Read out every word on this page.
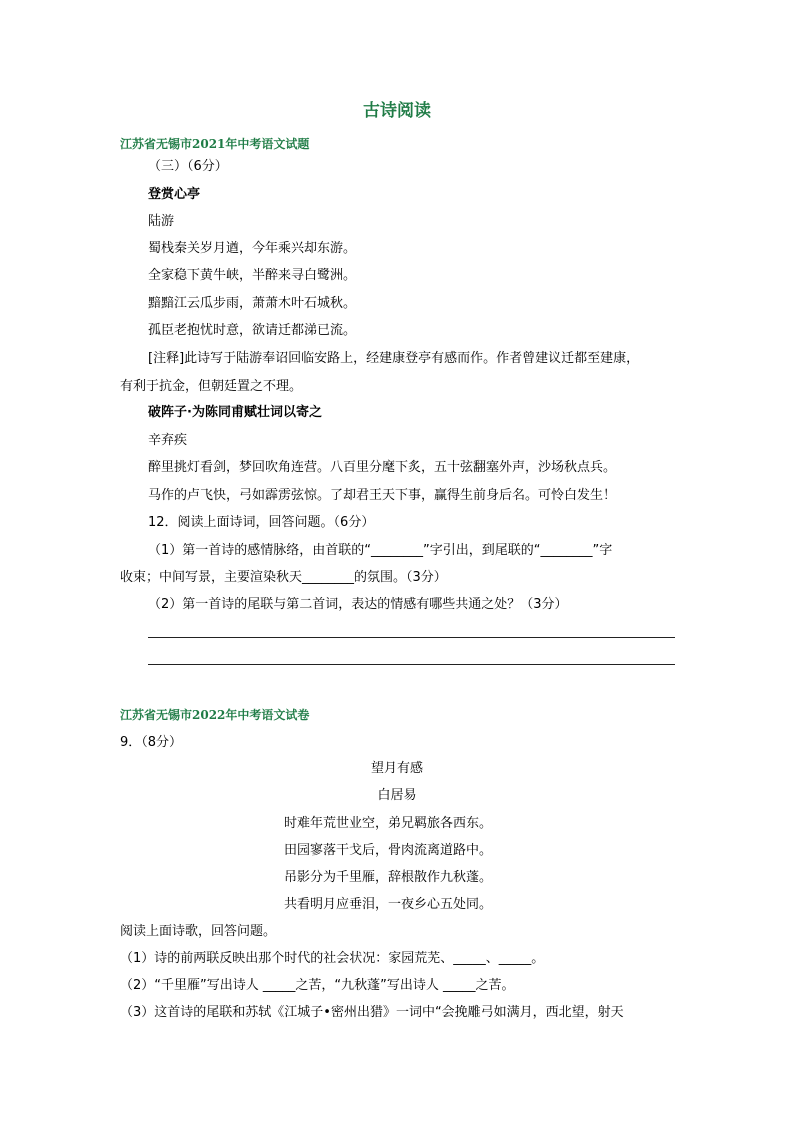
古诗阅读
江苏省无锡市2021年中考语文试题
（三）（6分）
登赏心亭
陆游
蜀栈秦关岁月遒，今年乘兴却东游。
全家稳下黄牛峡，半醉来寻白鹭洲。
黯黯江云瓜步雨，萧萧木叶石城秋。
孤臣老抱忧时意，欲请迁都涕已流。
[注释]此诗写于陆游奉诏回临安路上，经建康登亭有感而作。作者曾建议迁都至建康，
有利于抗金，但朝廷置之不理。
破阵子·为陈同甫赋壮词以寄之
辛弃疾
醉里挑灯看剑，梦回吹角连营。八百里分麾下炙，五十弦翻塞外声，沙场秋点兵。
马作的卢飞快，弓如霹雳弦惊。了却君王天下事，赢得生前身后名。可怜白发生！
12．阅读上面诗词，回答问题。（6分）
（1）第一首诗的感情脉络，由首联的“________”字引出，到尾联的“________”字
收束；中间写景，主要渲染秋天________的氛围。（3分）
（2）第一首诗的尾联与第二首词，表达的情感有哪些共通之处？（3分）
江苏省无锡市2022年中考语文试卷
9．（8分）
望月有感
白居易
时难年荒世业空，弟兄羁旅各西东。
田园寥落干戈后，骨肉流离道路中。
吊影分为千里雁，辞根散作九秋蓬。
共看明月应垂泪，一夜乡心五处同。
阅读上面诗歌，回答问题。
（1）诗的前两联反映出那个时代的社会状况：家园荒芜、_____、_____。
（2）“千里雁”写出诗人 _____之苦，“九秋蓬”写出诗人 _____之苦。
（3）这首诗的尾联和苏轼《江城子•密州出猎》一词中“会挽雕弓如满月，西北望，射天
